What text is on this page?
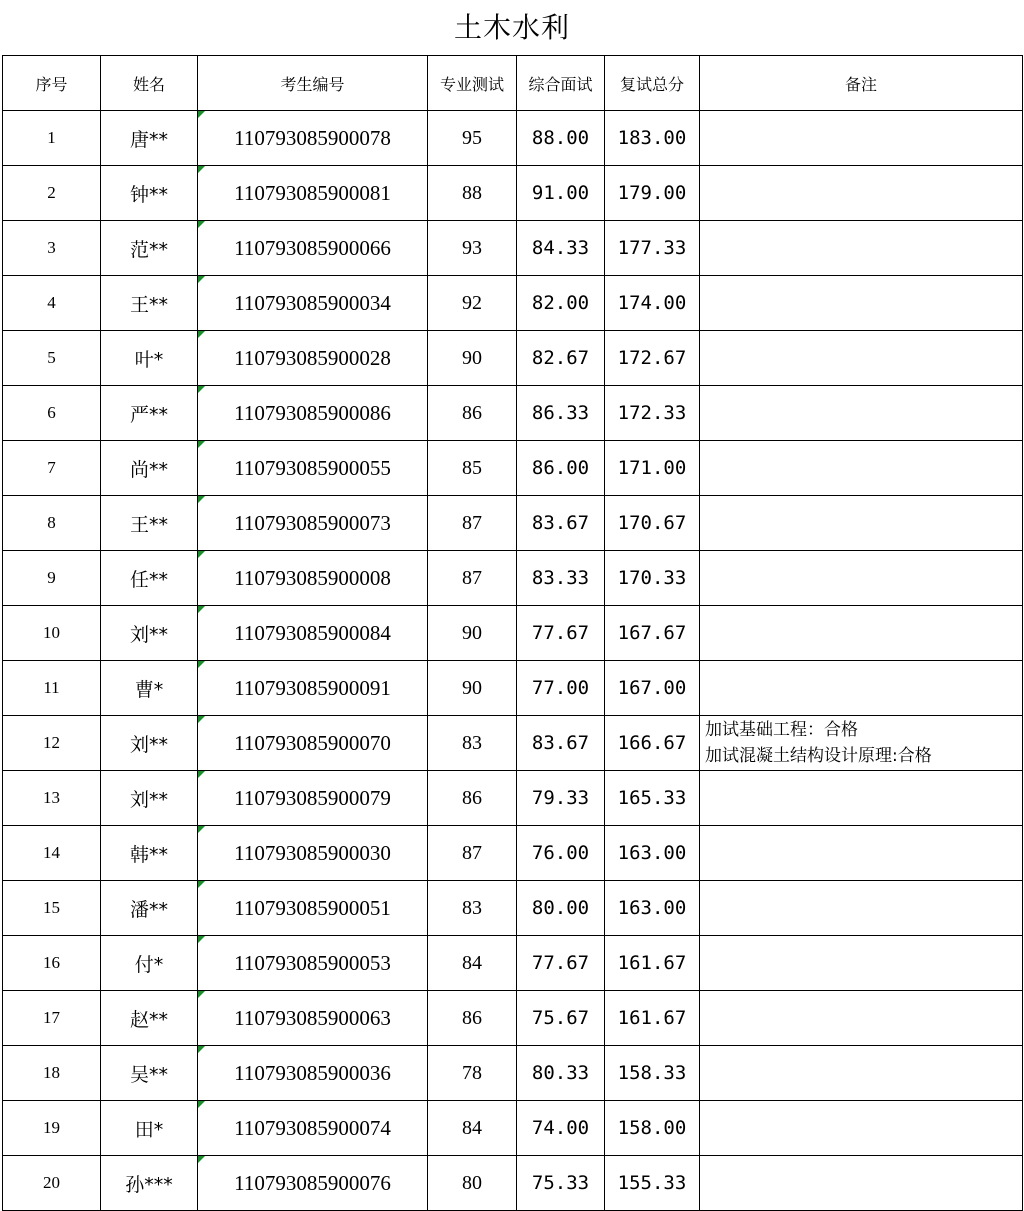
土木水利
序号	姓名	考生编号	专业测试	综合面试	复试总分	备注
1	唐**	110793085900078	95	88.00	183.00	
2	钟**	110793085900081	88	91.00	179.00	
3	范**	110793085900066	93	84.33	177.33	
4	王**	110793085900034	92	82.00	174.00	
5	叶*	110793085900028	90	82.67	172.67	
6	严**	110793085900086	86	86.33	172.33	
7	尚**	110793085900055	85	86.00	171.00	
8	王**	110793085900073	87	83.67	170.67	
9	任**	110793085900008	87	83.33	170.33	
10	刘**	110793085900084	90	77.67	167.67	
11	曹*	110793085900091	90	77.00	167.00	
12	刘**	110793085900070	83	83.67	166.67	加试基础工程：合格
加试混凝土结构设计原理:合格

13	刘**	110793085900079	86	79.33	165.33	
14	韩**	110793085900030	87	76.00	163.00	
15	潘**	110793085900051	83	80.00	163.00	
16	付*	110793085900053	84	77.67	161.67	
17	赵**	110793085900063	86	75.67	161.67	
18	吴**	110793085900036	78	80.33	158.33	
19	田*	110793085900074	84	74.00	158.00	
20	孙***	110793085900076	80	75.33	155.33	
